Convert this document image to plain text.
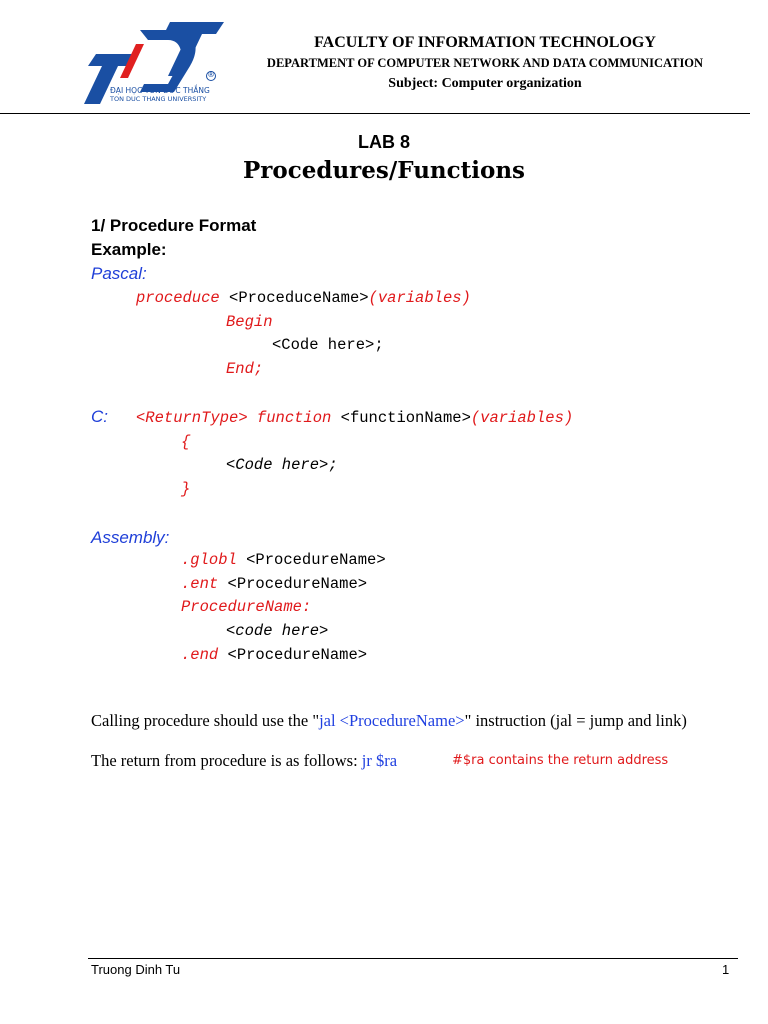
®
ĐẠI HỌC TÔN ĐỨC THẮNG
TON DUC THANG UNIVERSITY
FACULTY OF INFORMATION TECHNOLOGY
DEPARTMENT OF COMPUTER NETWORK AND DATA COMMUNICATION
Subject: Computer organization
LAB 8
Procedures/Functions
1/ Procedure Format
Example:
Pascal:
proceduce <ProceduceName>(variables)
Begin
<Code here>;
End;
C: <ReturnType> function <functionName>(variables)
{
<Code here>;
}
Assembly:
.globl <ProcedureName>
.ent <ProcedureName>
ProcedureName:
<code here>
.end <ProcedureName>
Calling procedure should use the "jal <ProcedureName>" instruction (jal = jump and link)
The return from procedure is as follows: jr $ra	#$ra contains the return address
Truong Dinh Tu	1
